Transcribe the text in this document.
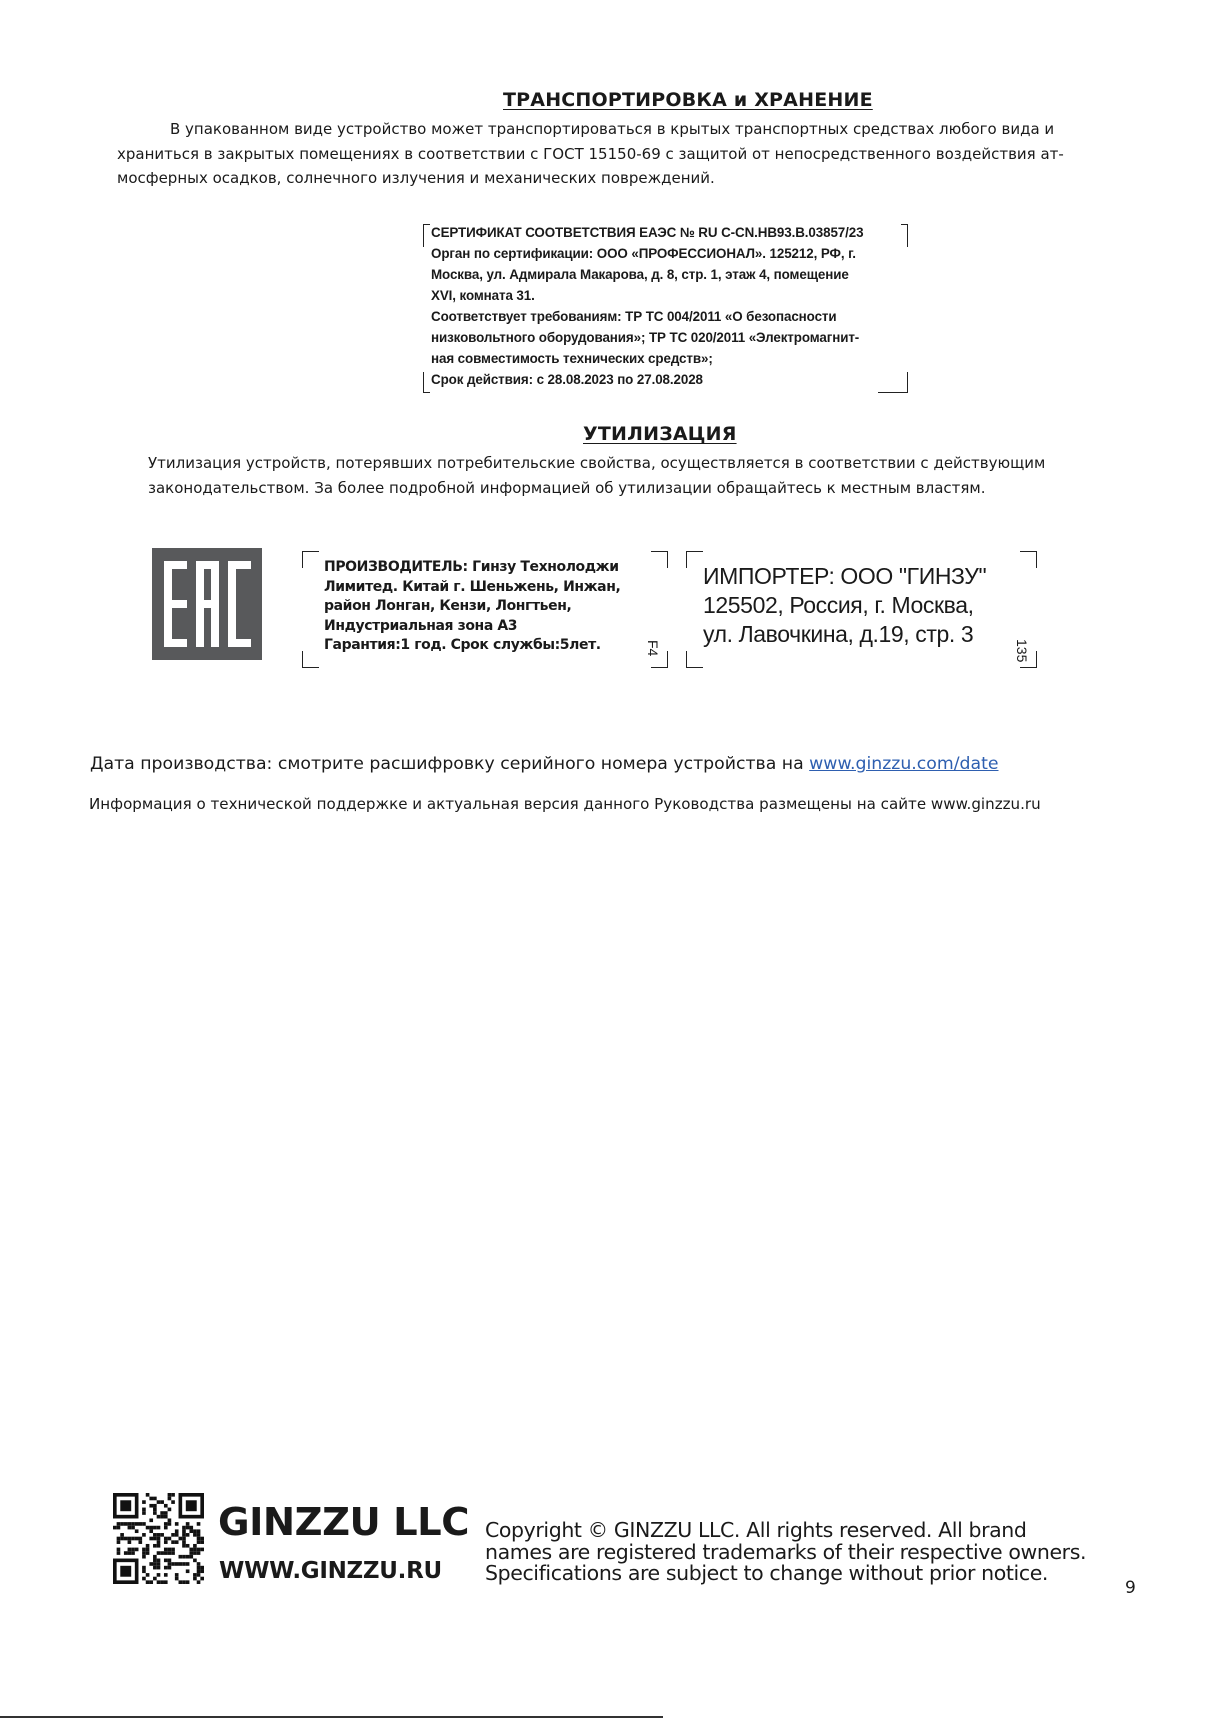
ТРАНСПОРТИРОВКА и ХРАНЕНИЕ
В упакованном виде устройство может транспортироваться в крытых транспортных средствах любого вида и
храниться в закрытых помещениях в соответствии с ГОСТ 15150-69 с защитой от непосредственного воздействия ат-
мосферных осадков, солнечного излучения и механических повреждений.
СЕРТИФИКАТ СООТВЕТСТВИЯ ЕАЭС № RU C-CN.HB93.B.03857/23
Орган по сертификации: ООО «ПРОФЕССИОНАЛ». 125212, РФ, г.
Москва, ул. Адмирала Макарова, д. 8, стр. 1, этаж 4, помещение
XVI, комната 31.
Соответствует требованиям: ТР ТС 004/2011 «О безопасности
низковольтного оборудования»; ТР ТС 020/2011 «Электромагнит-
ная совместимость технических средств»;
Срок действия: с 28.08.2023 по 27.08.2028
УТИЛИЗАЦИЯ
Утилизация устройств, потерявших потребительские свойства, осуществляется в соответствии с действующим
законодательством. За более подробной информацией об утилизации обращайтесь к местным властям.
ПРОИЗВОДИТЕЛЬ: Гинзу Технолоджи
Лимитед. Китай г. Шеньжень, Инжан,
район Лонган, Кензи, Лонгтьен,
Индустриальная зона А3
Гарантия:1 год. Срок службы:5лет.	F4
ИМПОРТЕР: ООО "ГИНЗУ"
125502, Россия, г. Москва,
ул. Лавочкина, д.19, стр. 3
135
Дата производства: смотрите расшифровку серийного номера устройства на www.ginzzu.com/date
Информация о технической поддержке и актуальная версия данного Руководства размещены на сайте www.ginzzu.ru
GINZZU LLC
WWW.GINZZU.RU
Copyright © GINZZU LLC. All rights reserved. All brand
names are registered trademarks of their respective owners.
Specifications are subject to change without prior notice.
9
